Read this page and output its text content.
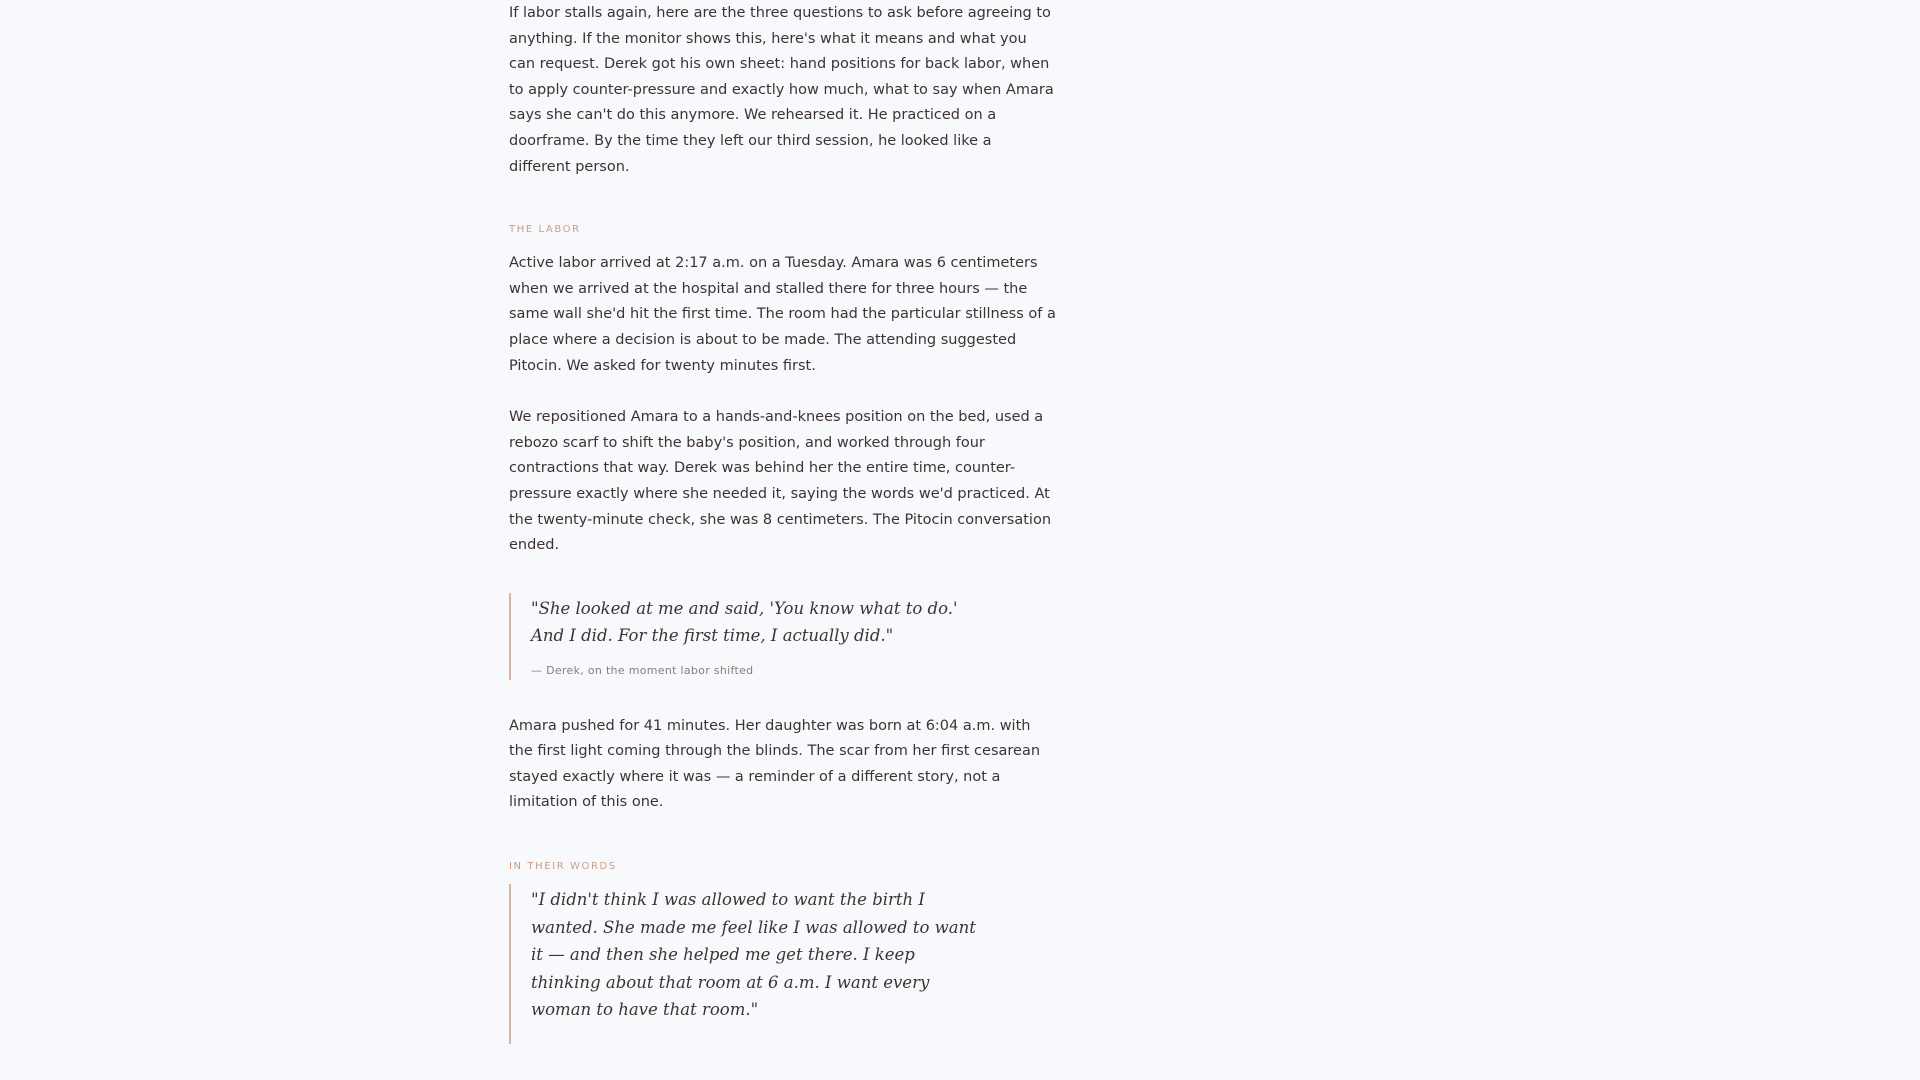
If labor stalls again, here are the three questions to ask before agreeing to anything. If the monitor shows this, here's what it means and what you can request. Derek got his own sheet: hand positions for back labor, when to apply counter-pressure and exactly how much, what to say when Amara says she can't do this anymore. We rehearsed it. He practiced on a doorframe. By the time they left our third session, he looked like a different person.

THE LABOR

Active labor arrived at 2:17 a.m. on a Tuesday. Amara was 6 centimeters when we arrived at the hospital and stalled there for three hours — the same wall she'd hit the first time. The room had the particular stillness of a place where a decision is about to be made. The attending suggested Pitocin. We asked for twenty minutes first.

We repositioned Amara to a hands-and-knees position on the bed, used a rebozo scarf to shift the baby's position, and worked through four contractions that way. Derek was behind her the entire time, counter-pressure exactly where she needed it, saying the words we'd practiced. At the twenty-minute check, she was 8 centimeters. The Pitocin conversation ended.

"She looked at me and said, 'You know what to do.' And I did. For the first time, I actually did."

— Derek, on the moment labor shifted

Amara pushed for 41 minutes. Her daughter was born at 6:04 a.m. with the first light coming through the blinds. The scar from her first cesarean stayed exactly where it was — a reminder of a different story, not a limitation of this one.

IN THEIR WORDS

"I didn't think I was allowed to want the birth I wanted. She made me feel like I was allowed to want it — and then she helped me get there. I keep thinking about that room at 6 a.m. I want every woman to have that room."
